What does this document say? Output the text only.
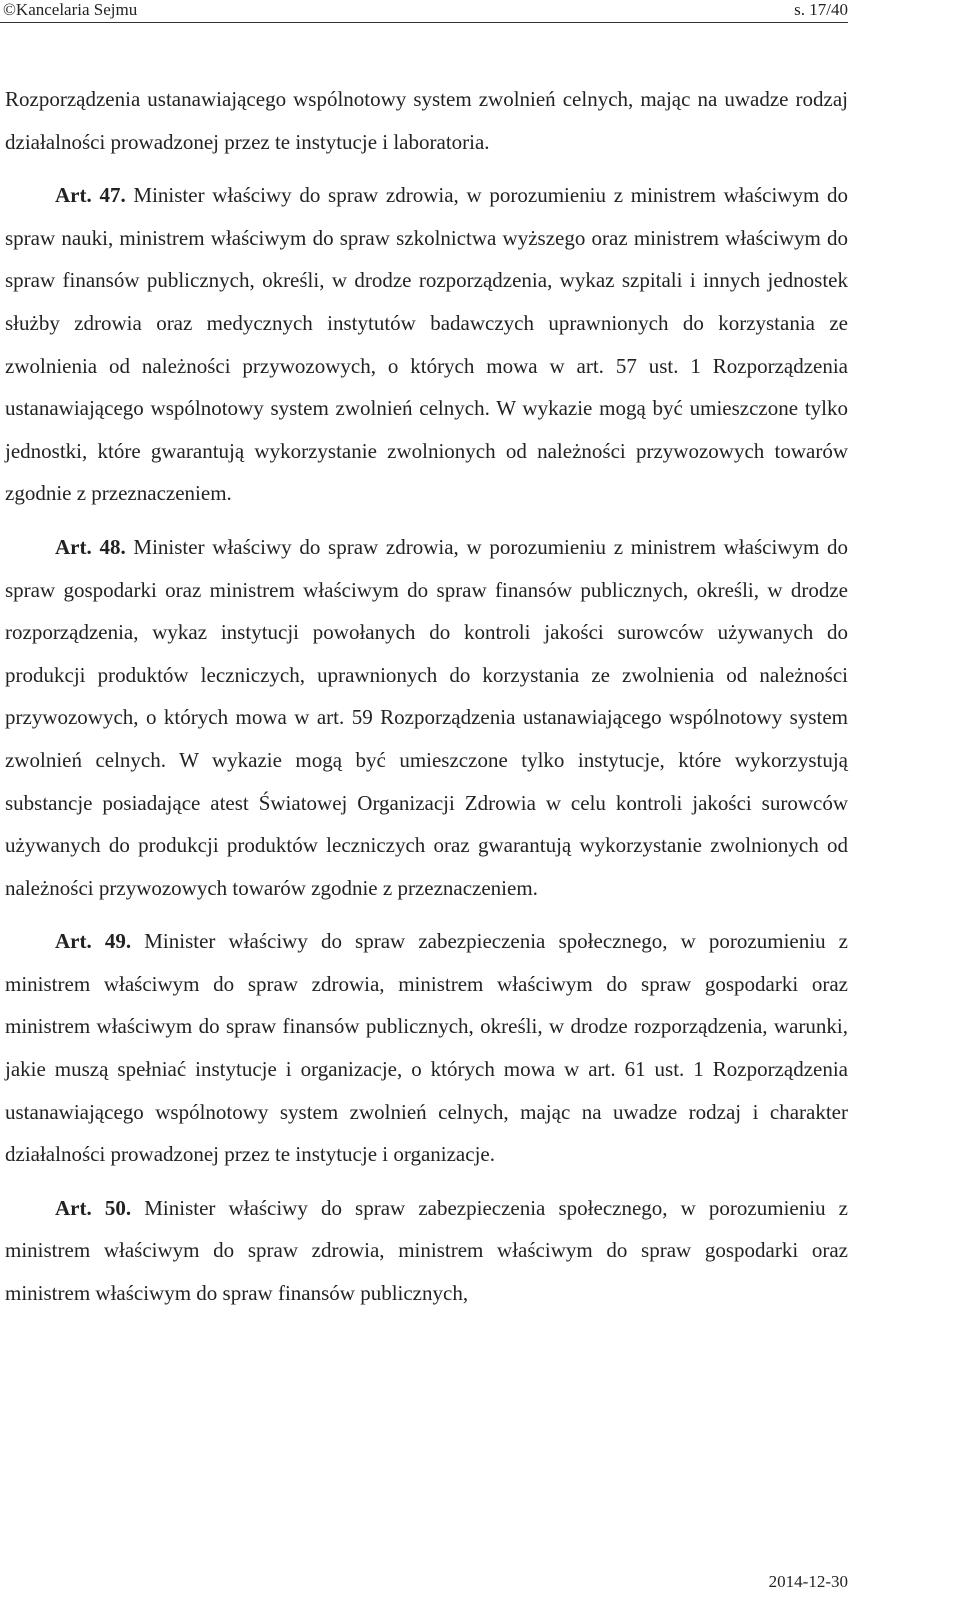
©Kancelaria Sejmu	s. 17/40

Rozporządzenia ustanawiającego wspólnotowy system zwolnień celnych, mając na uwadze rodzaj działalności prowadzonej przez te instytucje i laboratoria.

Art. 47. Minister właściwy do spraw zdrowia, w porozumieniu z ministrem właściwym do spraw nauki, ministrem właściwym do spraw szkolnictwa wyższego oraz ministrem właściwym do spraw finansów publicznych, określi, w drodze rozporządzenia, wykaz szpitali i innych jednostek służby zdrowia oraz medycznych instytutów badawczych uprawnionych do korzystania ze zwolnienia od należności przywozowych, o których mowa w art. 57 ust. 1 Rozporządzenia ustanawiającego wspólnotowy system zwolnień celnych. W wykazie mogą być umieszczone tylko jednostki, które gwarantują wykorzystanie zwolnionych od należności przywozowych towarów zgodnie z przeznaczeniem.

Art. 48. Minister właściwy do spraw zdrowia, w porozumieniu z ministrem właściwym do spraw gospodarki oraz ministrem właściwym do spraw finansów publicznych, określi, w drodze rozporządzenia, wykaz instytucji powołanych do kontroli jakości surowców używanych do produkcji produktów leczniczych, uprawnionych do korzystania ze zwolnienia od należności przywozowych, o których mowa w art. 59 Rozporządzenia ustanawiającego wspólnotowy system zwolnień celnych. W wykazie mogą być umieszczone tylko instytucje, które wykorzystują substancje posiadające atest Światowej Organizacji Zdrowia w celu kontroli jakości surowców używanych do produkcji produktów leczniczych oraz gwarantują wykorzystanie zwolnionych od należności przywozowych towarów zgodnie z przeznaczeniem.

Art. 49. Minister właściwy do spraw zabezpieczenia społecznego, w porozumieniu z ministrem właściwym do spraw zdrowia, ministrem właściwym do spraw gospodarki oraz ministrem właściwym do spraw finansów publicznych, określi, w drodze rozporządzenia, warunki, jakie muszą spełniać instytucje i organizacje, o których mowa w art. 61 ust. 1 Rozporządzenia ustanawiającego wspólnotowy system zwolnień celnych, mając na uwadze rodzaj i charakter działalności prowadzonej przez te instytucje i organizacje.

Art. 50. Minister właściwy do spraw zabezpieczenia społecznego, w porozumieniu z ministrem właściwym do spraw zdrowia, ministrem właściwym do spraw gospodarki oraz ministrem właściwym do spraw finansów publicznych,

2014-12-30
